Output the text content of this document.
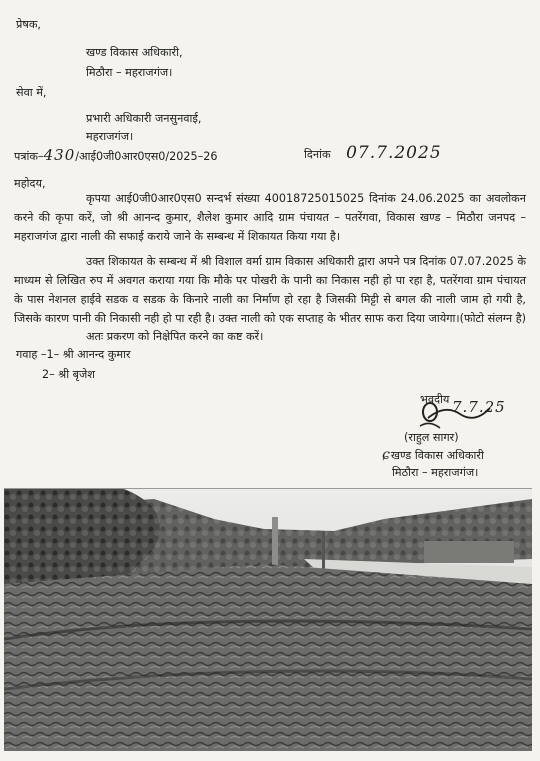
प्रेषक,
खण्ड विकास अधिकारी,
मिठौरा – महराजगंज।
सेवा में,
प्रभारी अधिकारी जनसुनवाई,
महराजगंज।
पत्रांक–430/आई0जी0आर0एस0/2025–26	दिनांक 07.7.2025
महोदय,
कृपया आई0जी0आर0एस0 सन्दर्भ संख्या 40018725015025 दिनांक 24.06.2025 का अवलोकन करने की कृपा करें, जो श्री आनन्द कुमार, शैलेश कुमार आदि ग्राम पंचायत – पतरेंगवा, विकास खण्ड – मिठौरा जनपद – महराजगंज द्वारा नाली की सफाई कराये जाने के सम्बन्ध में शिकायत किया गया है।
उक्त शिकायत के सम्बन्ध में श्री विशाल वर्मा ग्राम विकास अधिकारी द्वारा अपने पत्र दिनांक 07.07.2025 के माध्यम से लिखित रुप में अवगत कराया गया कि मौके पर पोखरी के पानी का निकास नही हो पा रहा है, पतरेंगवा ग्राम पंचायत के पास नेशनल हाईवे सडक व सडक के किनारे नाली का निर्माण हो रहा है जिसकी मिट्टी से बगल की नाली जाम हो गयी है, जिसके कारण पानी की निकासी नही हो पा रही है। उक्त नाली को एक सप्ताह के भीतर साफ करा दिया जायेगा।(फोटो संलग्न है)
अतः प्रकरण को निक्षेपित करने का कष्ट करें।
गवाह –1– श्री आनन्द कुमार
2– श्री बृजेश
भवदीय 7.7.25
(राहुल सागर)
ɕखण्ड विकास अधिकारी
मिठौरा – महराजगंज।
